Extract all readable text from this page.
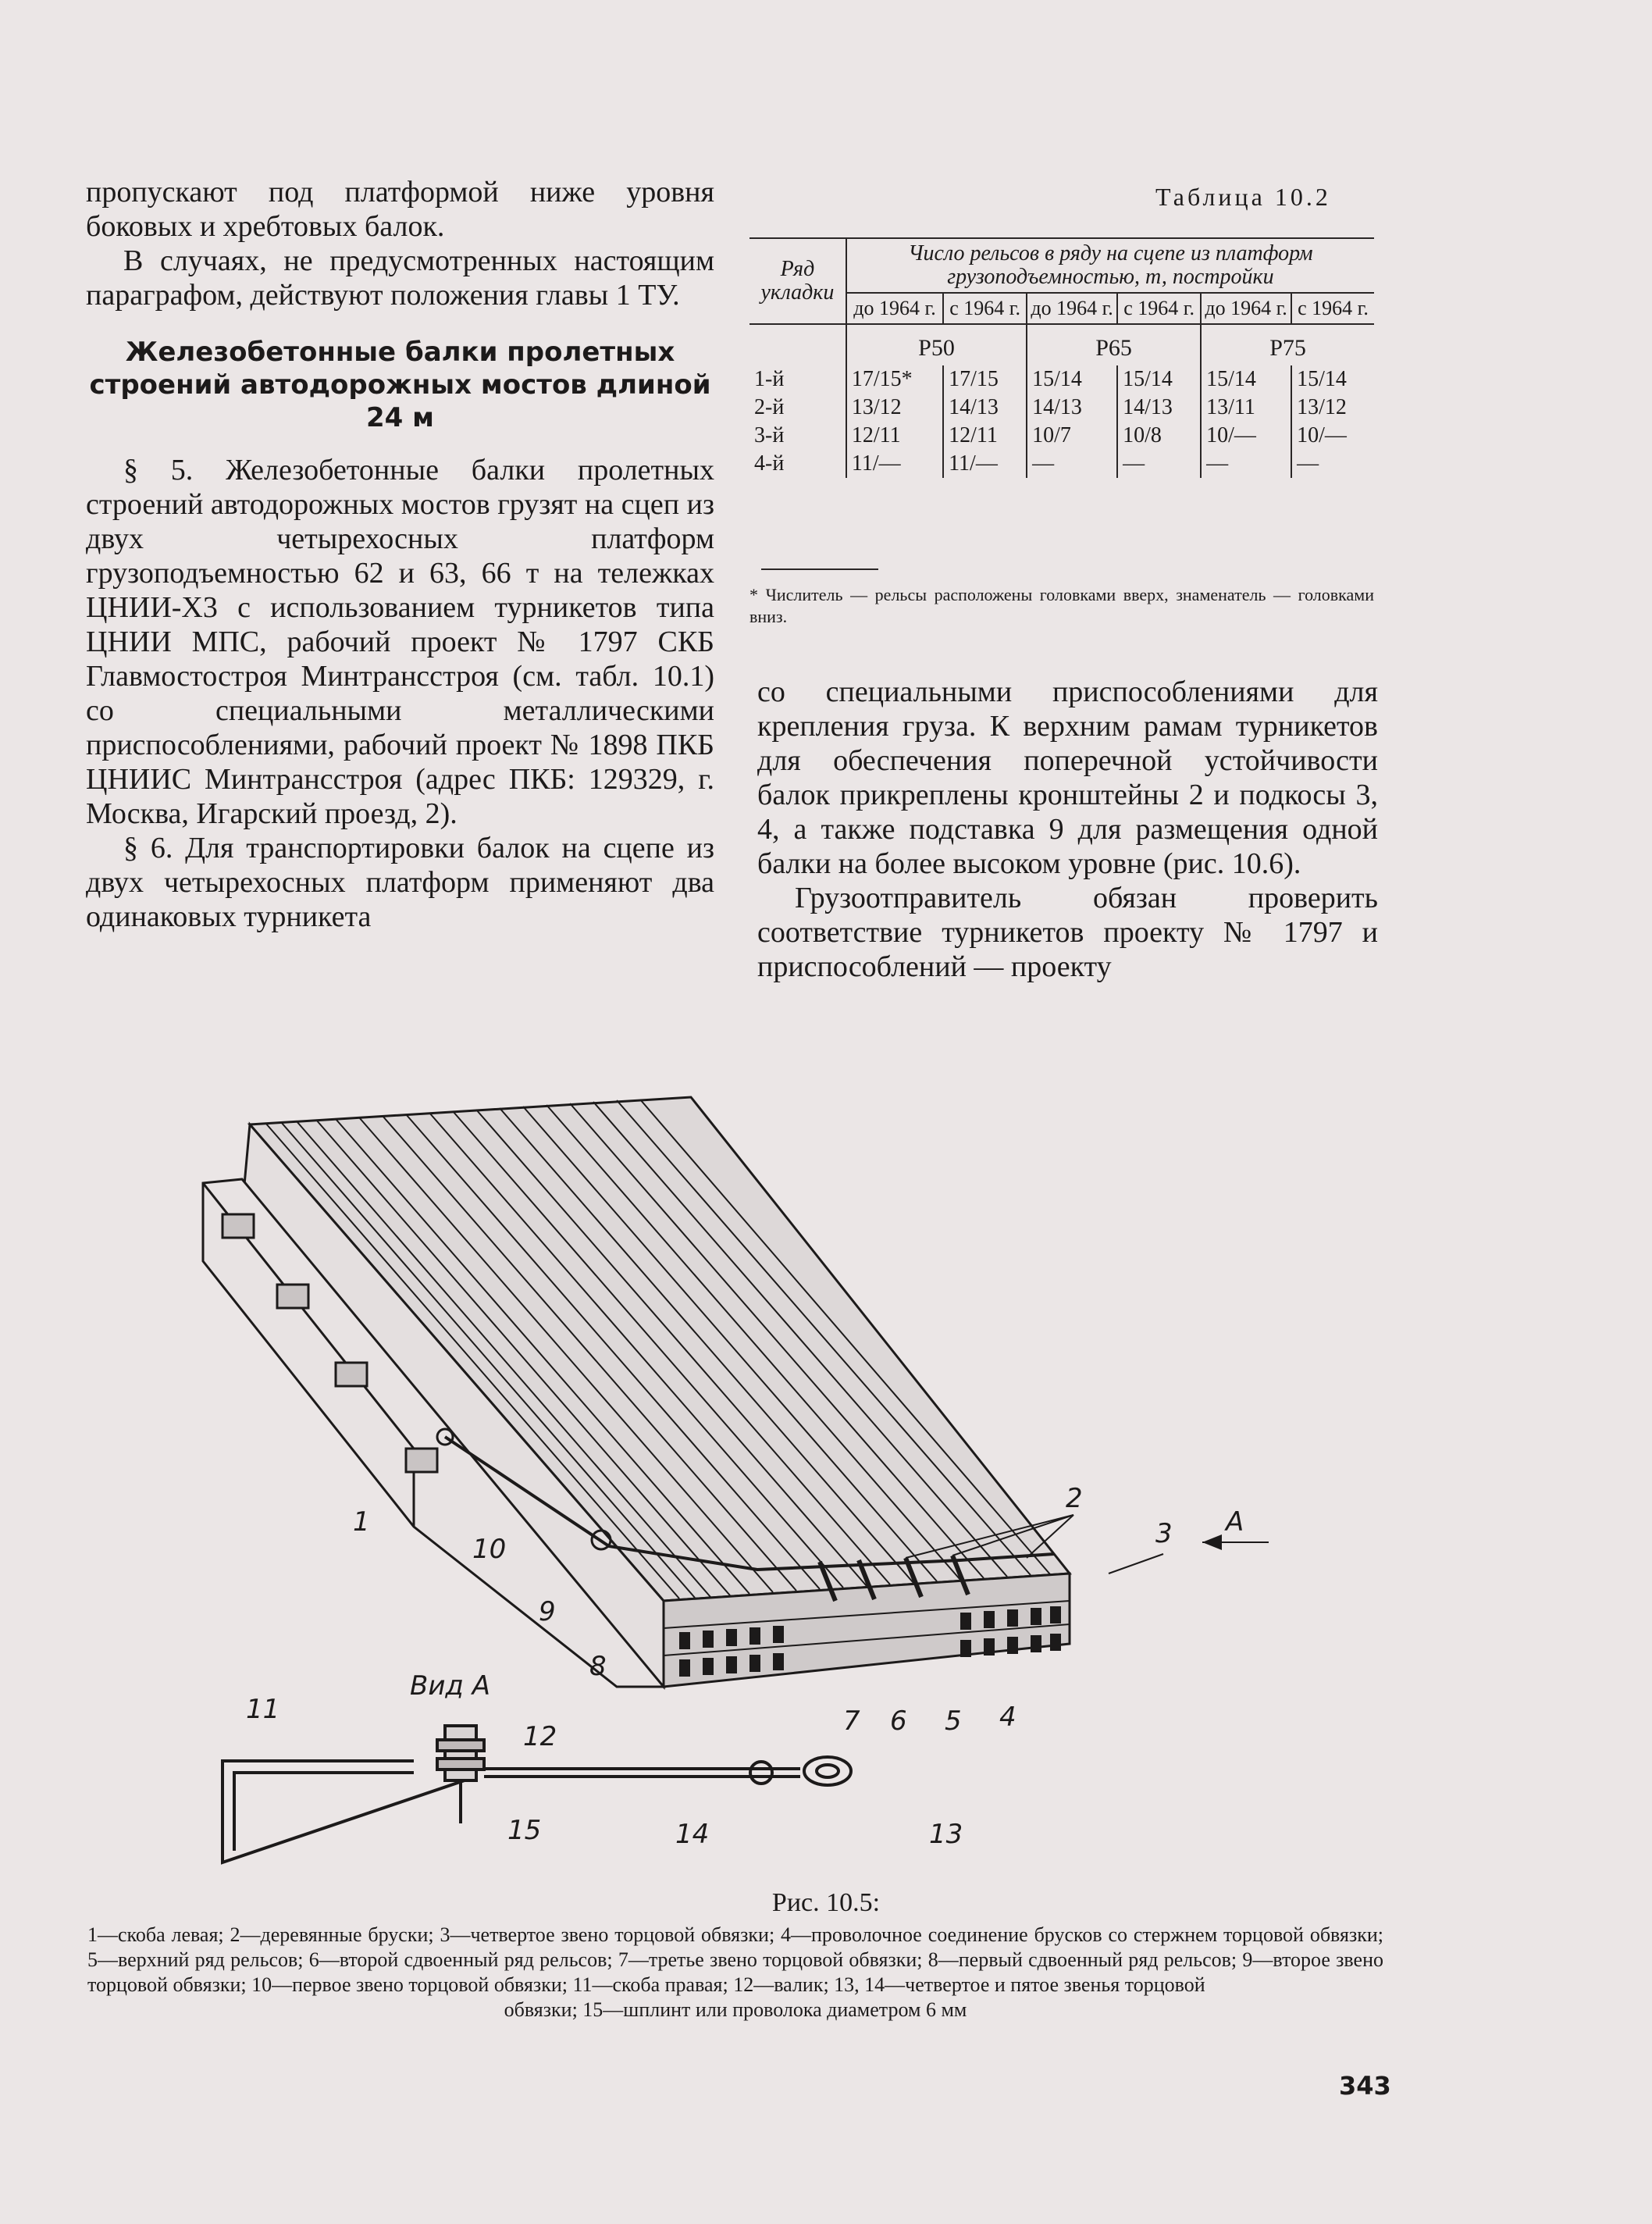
пропускают под платформой ниже уровня боковых и хребтовых балок.

В случаях, не предусмотренных настоящим параграфом, действуют положения главы 1 ТУ.

Железобетонные балки пролетных строений автодорожных мостов длиной 24 м

§ 5. Железобетонные балки пролетных строений автодорожных мостов грузят на сцеп из двух четырехосных платформ грузоподъемностью 62 и 63, 66 т на тележках ЦНИИ-Х3 с использованием турникетов типа ЦНИИ МПС, рабочий проект № 1797 СКБ Главмостостроя Минтрансстроя (см. табл. 10.1) со специальными металлическими приспособлениями, рабочий проект № 1898 ПКБ ЦНИИС Минтрансстроя (адрес ПКБ: 129329, г. Москва, Игарский проезд, 2).

§ 6. Для транспортировки балок на сцепе из двух четырехосных платформ применяют два одинаковых турникета

Таблица 10.2
Ряд укладки	Число рельсов в ряду на сцепе из платформ грузоподъемностью, т, постройки					
	до 1964 г.	с 1964 г.	до 1964 г.	с 1964 г.	до 1964 г.	с 1964 г.
	Р50		Р65		Р75	
1-й	17/15*	17/15	15/14	15/14	15/14	15/14
2-й	13/12	14/13	14/13	14/13	13/11	13/12
3-й	12/11	12/11	10/7	10/8	10/—	10/—
4-й	11/—	11/—	—	—	—	—
* Числитель — рельсы расположены головками вверх, знаменатель — головками вниз.

со специальными приспособлениями для крепления груза. К верхним рамам турникетов для обеспечения поперечной устойчивости балок прикреплены кронштейны 2 и подкосы 3, 4, а также подставка 9 для размещения одной балки на более высоком уровне (рис. 10.6).

Грузоотправитель обязан проверить соответствие турникетов проекту № 1797 и приспособлений — проекту

1
2
3
4
5
6
7
8
9
10
11
12
13
14
15
А
Вид А
Рис. 10.5:
1—скоба левая; 2—деревянные бруски; 3—четвертое звено торцовой обвязки; 4—проволочное соединение брусков со стержнем торцовой обвязки; 5—верхний ряд рельсов; 6—второй сдвоенный ряд рельсов; 7—третье звено торцовой обвязки; 8—первый сдвоенный ряд рельсов; 9—второе звено торцовой обвязки; 10—первое звено торцовой обвязки; 11—скоба правая; 12—валик; 13, 14—четвертое и пятое звенья торцовой
обвязки; 15—шплинт или проволока диаметром 6 мм
343
